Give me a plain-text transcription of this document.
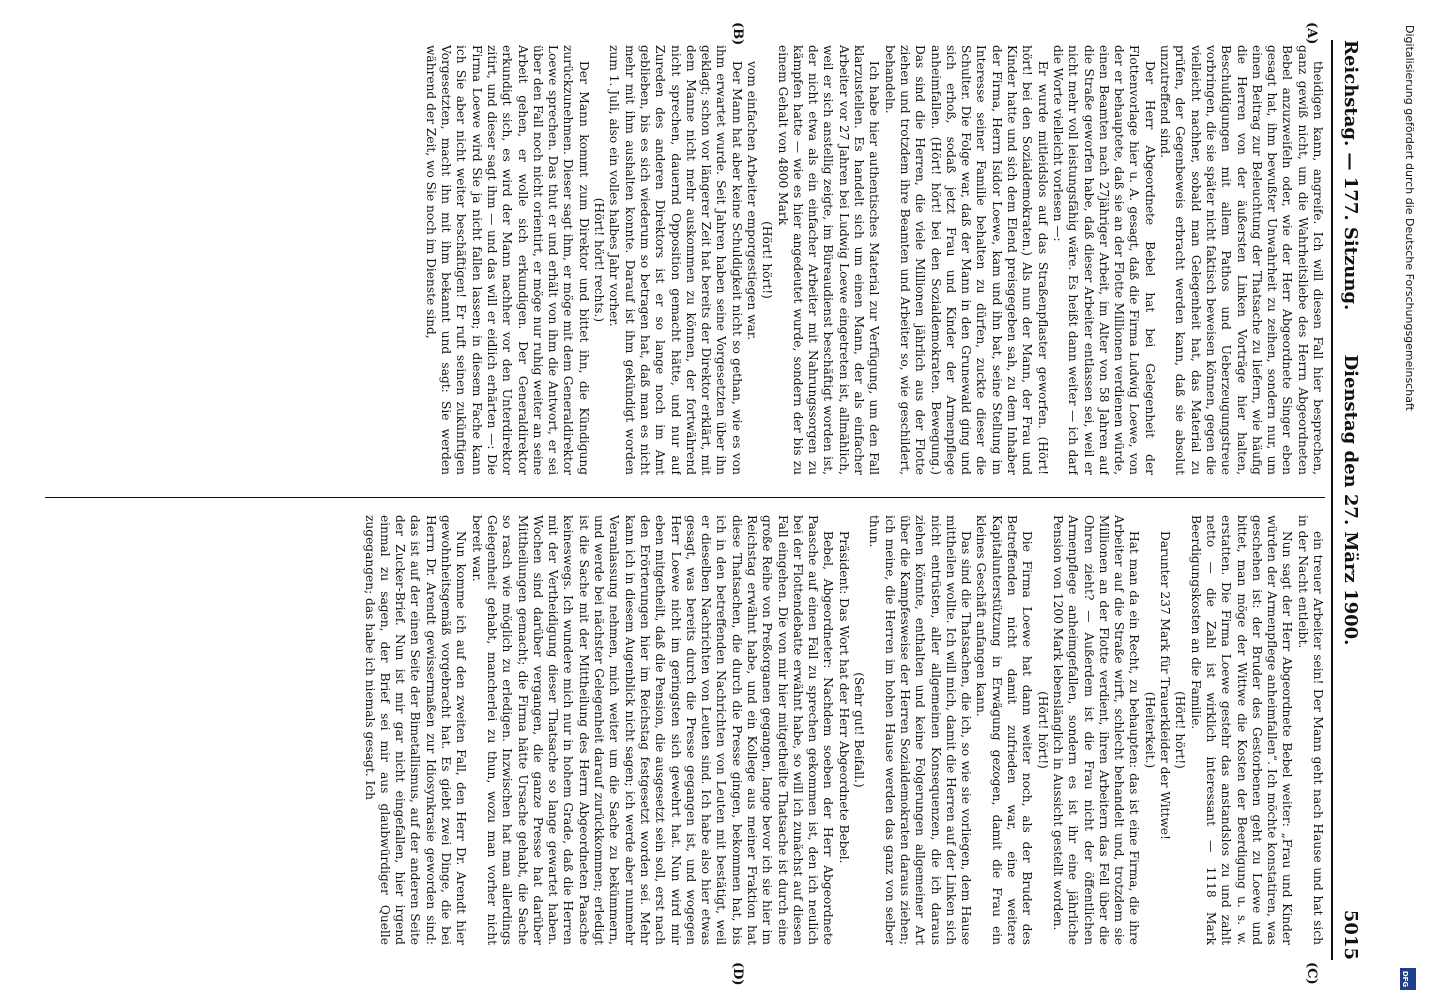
Reichstag. — 177. Sitzung.
Dienstag den 27. März 1900.
5015
(A)
(B)
(C)
(D)

theidigen kann, angreife. Ich will diesen Fall hier besprechen, ganz gewiß nicht, um die Wahrheitsliebe des Herrn Abgeordneten Bebel anzuzweifeln oder, wie der Herr Abgeordnete Singer eben gesagt hat, ihm bewußter Unwahrheit zu zeihen, sondern nur, um einen Beitrag zur Beleuchtung der Thatsache zu liefern, wie häufig die Herren von der äußersten Linken Vorträge hier halten, Beschuldigungen mit allem Pathos und Ueberzeugungstreue vorbringen, die sie später nicht faktisch beweisen können, gegen die vielleicht nachher, sobald man Gelegenheit hat, das Material zu prüfen, der Gegenbeweis erbracht werden kann, daß sie absolut unzutreffend sind.

Der Herr Abgeordnete Bebel hat bei Gelegenheit der Flottenvorlage hier u. A. gesagt, daß die Firma Ludwig Loewe, von der er behauptete, daß sie an der Flotte Millionen verdienen würde, einen Beamten nach 27jähriger Arbeit, im Alter von 58 Jahren auf die Straße geworfen habe, daß dieser Arbeiter entlassen sei, weil er nicht mehr voll leistungsfähig wäre. Es heißt dann weiter — ich darf die Worte vielleicht vorlesen —:

Er wurde mitleidslos auf das Straßenpflaster geworfen. (Hört! hört! bei den Sozialdemokraten.) Als nun der Mann, der Frau und Kinder hatte und sich dem Elend preisgegeben sah, zu dem Inhaber der Firma, Herrn Isidor Loewe, kam und ihn bat, seine Stellung im Interesse seiner Familie behalten zu dürfen, zuckte dieser die Schulter. Die Folge war, daß der Mann in den Grunewald ging und sich erhoß, sodaß jetzt Frau und Kinder der Armenpflege anheimfallen. (Hört! hört! bei den Sozialdemokraten. Bewegung.) Das sind die Herren, die viele Millionen jährlich aus der Flotte ziehen und trotzdem ihre Beamten und Arbeiter so, wie geschildert, behandeln.

Ich habe hier authentisches Material zur Verfügung, um den Fall klarzustellen. Es handelt sich um einen Mann, der als einfacher Arbeiter vor 27 Jahren bei Ludwig Loewe eingetreten ist, allmählich, weil er sich anstellig zeigte, im Büreaudienst beschäftigt worden ist, der nicht etwa als ein einfacher Arbeiter mit Nahrungssorgen zu kämpfen hatte — wie es hier angedeutet wurde, sondern der bis zu einem Gehalt von 4800 Mark

(Hört! hört!)

vom einfachen Arbeiter emporgestiegen war.

Der Mann hat aber keine Schuldigkeit nicht so gethan, wie es von ihm erwartet wurde. Seit Jahren haben seine Vorgesetzten über ihn geklagt; schon vor längerer Zeit hat bereits der Direktor erklärt, mit dem Manne nicht mehr auskommen zu können, der fortwährend nicht sprechen, dauernd Opposition gemacht hätte, und nur auf Zureden des anderen Direktors ist er so lange noch im Amt geblieben, bis es sich wiederum so betragen hat, daß man es nicht mehr mit ihm aushalten konnte. Darauf ist ihm gekündigt worden zum 1. Juli, also ein volles halbes Jahr vorher.

(Hört! hört! rechts.)

Der Mann kommt zum Direktor und bittet ihn, die Kündigung zurückzunehmen. Dieser sagt ihm, er möge mit dem Generaldirektor Loewe sprechen. Das thut er und erhält von ihm die Antwort, er sei über den Fall noch nicht orientirt, er möge nur ruhig weiter an seine Arbeit gehen, er wolle sich erkundigen. Der Generaldirektor erkundigt sich, es wird der Mann nachher vor den Unterdirektor zitirt, und dieser sagt ihm — und das will er eidlich erhärten —: Die Firma Loewe wird Sie ja nicht fallen lassen; in diesem Fache kann ich Sie aber nicht weiter beschäftigen! Er ruft seinen zukünftigen Vorgesetzten, macht ihn mit ihm bekannt und sagt: Sie werden während der Zeit, wo Sie noch im Dienste sind,

ein treuer Arbeiter sein! Der Mann geht nach Hause und hat sich in der Nacht entleibt.

Nun sagt der Herr Abgeordnete Bebel weiter: „Frau und Kinder würden der Armenpflege anheimfallen“. Ich möchte konstatiren, was geschehen ist: der Bruder des Gestorbenen geht zu Loewe und bittet, man möge der Wittwe die Kosten der Beerdigung u. s. w. erstatten. Die Firma Loewe gestehr das anstandslos zu und zahlt netto — die Zahl ist wirklich interessant — 1118 Mark Beerdigungskosten an die Familie.

(Hört! hört!)

Darunter 237 Mark für Trauerkleider der Wittwe!

(Heiterkeit.)

Hat man da ein Recht, zu behaupten: das ist eine Firma, die ihre Arbeiter auf die Straße wirft, schlecht behandelt und, trotzdem sie Millionen an der Flotte verdient, ihren Arbeitern das Fell über die Ohren zieht? — Außerdem ist die Frau nicht der öffentlichen Armenpflege anheimgefallen, sondern es ist ihr eine jährliche Pension von 1200 Mark lebenslänglich in Aussicht gestellt worden.

(Hört! hört!)

Die Firma Loewe hat dann weiter noch, als der Bruder des Betreffenden nicht damit zufrieden war, eine weitere Kapitalunterstützung in Erwägung gezogen, damit die Frau ein kleines Geschäft anfangen kann.

Das sind die Thatsachen, die ich, so wie sie vorliegen, dem Hause mittheilen wollte. Ich will mich, damit die Herren auf der Linken sich nicht entrüsten, aller allgemeinen Konsequenzen, die ich daraus ziehen könnte, enthalten und keine Folgerungen allgemeiner Art über die Kampfesweise der Herren Sozialdemokraten daraus ziehen; ich meine, die Herren im hohen Hause werden das ganz von selber thun.

(Sehr gut! Beifall.)

Präsident: Das Wort hat der Herr Abgeordnete Bebel.

Bebel, Abgeordneter: Nachdem soeben der Herr Abgeordnete Paasche auf einen Fall zu sprechen gekommen ist, den ich neulich bei der Flottendebatte erwähnt habe, so will ich zunächst auf diesen Fall eingehen. Die von mir hier mitgetheilte Thatsache ist durch eine große Reihe von Preßorganen gegangen, lange bevor ich sie hier im Reichstag erwähnt habe, und ein Kollege aus meiner Fraktion hat diese Thatsachen, die durch die Presse gingen, bekommen hat, bis ich in den betreffenden Nachrichten von Leuten mit bestätigt, weil er dieselben Nachrichten von Leuten sind. Ich habe also hier etwas gesagt, was bereits durch die Presse gegangen ist, und wogegen Herr Loewe nicht im geringsten sich gewehrt hat. Nun wird mir eben mitgetheilt, daß die Pension, die ausgesetzt sein soll, erst nach den Erörterungen hier im Reichstag festgesetzt worden sei. Mehr kann ich in diesem Augenblick nicht sagen; ich werde aber nunmehr Veranlassung nehmen, mich weiter um die Sache zu bekümmern, und werde bei nächster Gelegenheit darauf zurückkommen; erledigt ist die Sache mit der Mittheilung des Herrn Abgeordneten Paasche keineswegs. Ich wundere mich nur in hohem Grade, daß die Herren mit der Vertheidigung dieser Thatsache so lange gewartet haben. Wochen sind darüber vergangen, die ganze Presse hat darüber Mittheilungen gemacht; die Firma hätte Ursache gehabt, die Sache so rasch wie möglich zu erledigen. Inzwischen hat man allerdings Gelegenheit gehabt, mancherlei zu thun, wozu man vorher nicht bereit war.

Nun komme ich auf den zweiten Fall, den Herr Dr. Arendt hier gewohnheitsgemäß vorgebracht hat. Es giebt zwei Dinge, die bei Herrn Dr. Arendt gewissermaßen zur Idiosynkrasie geworden sind: das ist auf der einen Seite der Bimetallismus, auf der anderen Seite der Zucker-Brief. Nun ist mir gar nicht eingefallen, hier irgend einmal zu sagen, der Brief sei mir aus glaubwürdiger Quelle zugegangen; das habe ich niemals gesagt. Ich

Digitalisierung gefördert durch die Deutsche Forschungsgemeinschaft
DFG
